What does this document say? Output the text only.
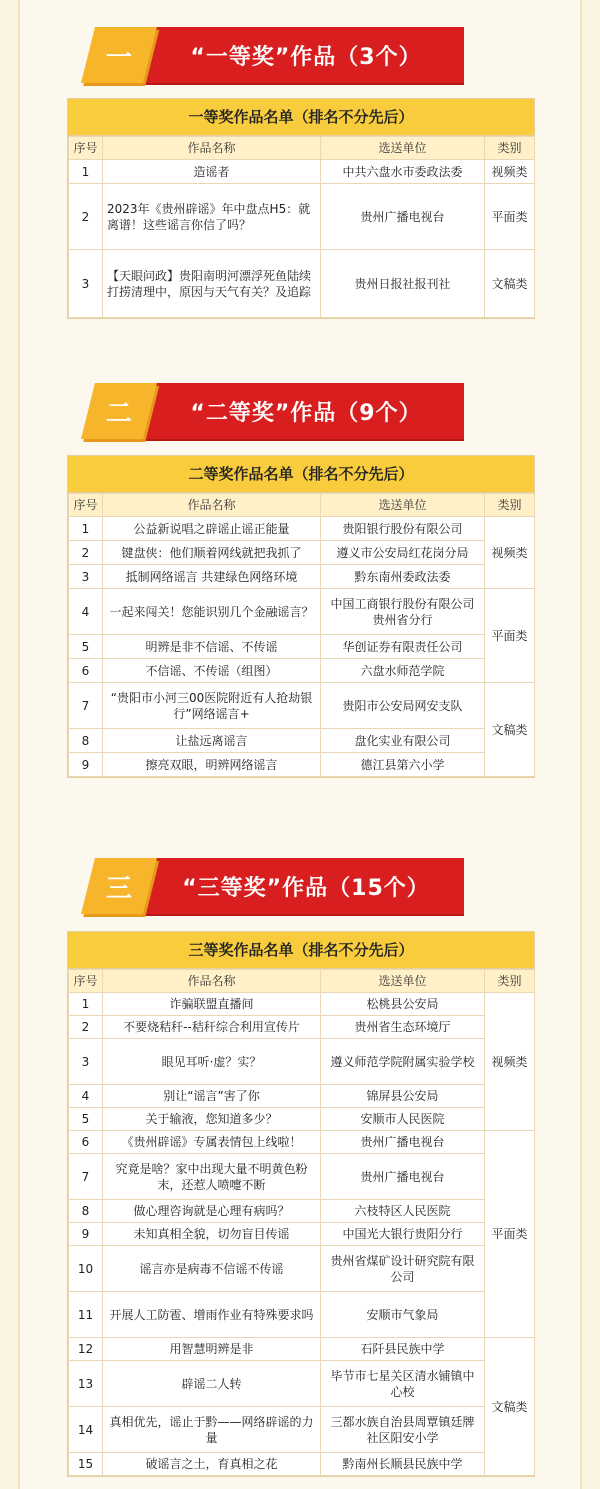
“一等奖”作品（3个）
一
一等奖作品名单（排名不分先后）
序号	作品名称	选送单位	类别
1	造谣者	中共六盘水市委政法委	视频类
2	2023年《贵州辟谣》年中盘点H5：就离谱！这些谣言你信了吗？	贵州广播电视台	平面类
3	【天眼问政】贵阳南明河漂浮死鱼陆续打捞清理中，原因与天气有关？及追踪	贵州日报社报刊社	文稿类
“二等奖”作品（9个）
二
二等奖作品名单（排名不分先后）
序号	作品名称	选送单位	类别
1	公益新说唱之辟谣止谣正能量	贵阳银行股份有限公司	视频类
2	键盘侠：他们顺着网线就把我抓了	遵义市公安局红花岗分局	
3	抵制网络谣言 共建绿色网络环境	黔东南州委政法委	
4	一起来闯关！您能识别几个金融谣言？	中国工商银行股份有限公司贵州省分行	平面类
5	明辨是非不信谣、不传谣	华创证券有限责任公司	
6	不信谣、不传谣（组图）	六盘水师范学院	
7	“贵阳市小河三00医院附近有人抢劫银行”网络谣言+	贵阳市公安局网安支队	文稿类
8	让盐远离谣言	盘化实业有限公司	
9	擦亮双眼，明辨网络谣言	德江县第六小学	
“三等奖”作品（15个）
三
三等奖作品名单（排名不分先后）
序号	作品名称	选送单位	类别
1	诈骗联盟直播间	松桃县公安局	视频类
2	不要烧秸秆--秸秆综合利用宣传片	贵州省生态环境厅	
3	眼见耳听·虚？实？	遵义师范学院附属实验学校	
4	别让“谣言”害了你	锦屏县公安局	
5	关于输液，您知道多少？	安顺市人民医院	
6	《贵州辟谣》专属表情包上线啦！	贵州广播电视台	平面类
7	究竟是啥？家中出现大量不明黄色粉末，还惹人喷嚏不断	贵州广播电视台	
8	做心理咨询就是心理有病吗？	六枝特区人民医院	
9	未知真相全貌，切勿盲目传谣	中国光大银行贵阳分行	
10	谣言亦是病毒不信谣不传谣	贵州省煤矿设计研究院有限公司	
11	开展人工防雹、增雨作业有特殊要求吗	安顺市气象局	
12	用智慧明辨是非	石阡县民族中学	文稿类
13	辟谣二人转	毕节市七星关区清水铺镇中心校	
14	真相优先，谣止于黔——网络辟谣的力量	三都水族自治县周覃镇廷牌社区阳安小学	
15	破谣言之土，育真相之花	黔南州长顺县民族中学	
